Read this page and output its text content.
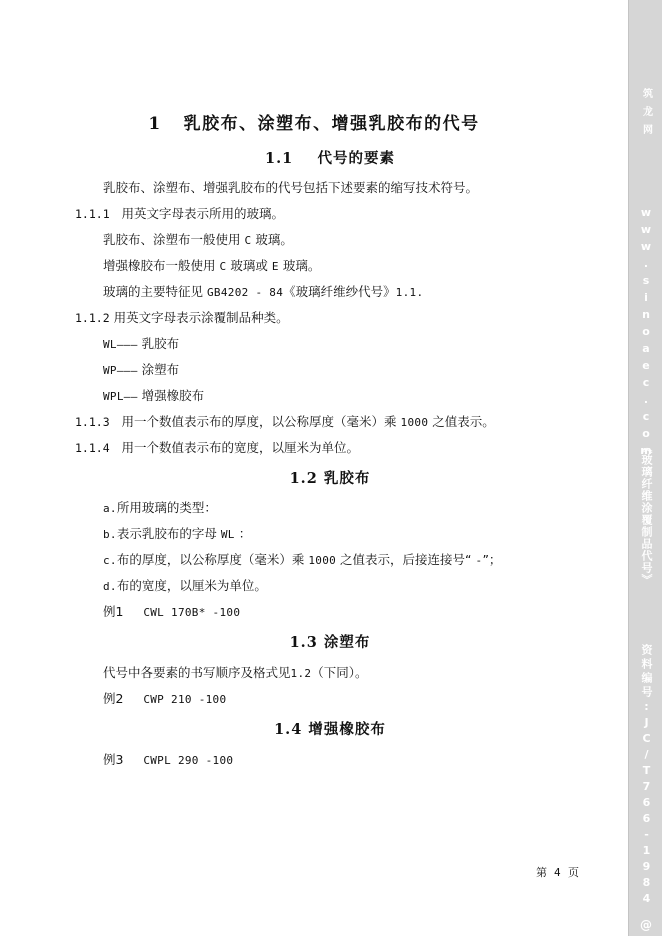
1 乳胶布、涂塑布、增强乳胶布的代号
1.1 代号的要素
乳胶布、涂塑布、增强乳胶布的代号包括下述要素的缩写技术符号。
1.1.1 用英文字母表示所用的玻璃。
乳胶布、涂塑布一般使用 C 玻璃。
增强橡胶布一般使用 C 玻璃或 E 玻璃。
玻璃的主要特征见 GB4202 - 84《玻璃纤维纱代号》1.1.
1.1.2 用英文字母表示涂覆制品种类。
WL——— 乳胶布
WP——— 涂塑布
WPL—— 增强橡胶布
1.1.3 用一个数值表示布的厚度，以公称厚度（毫米）乘 1000 之值表示。
1.1.4 用一个数值表示布的宽度，以厘米为单位。
1.2 乳胶布
a.所用玻璃的类型：
b.表示乳胶布的字母 WL ：
c.布的厚度，以公称厚度（毫米）乘 1000 之值表示，后接连接号“ -”；
d.布的宽度，以厘米为单位。
例1 CWL 170B* -100
1.3 涂塑布
代号中各要素的书写顺序及格式见1.2（下同）。
例2 CWP 210 -100
1.4 增强橡胶布
例3 CWPL 290 -100
第 4 页
筑龙网
www.sinoaec.com
《玻璃纤维涂覆制品代号》
资料编号:JC/T766-1984
@
